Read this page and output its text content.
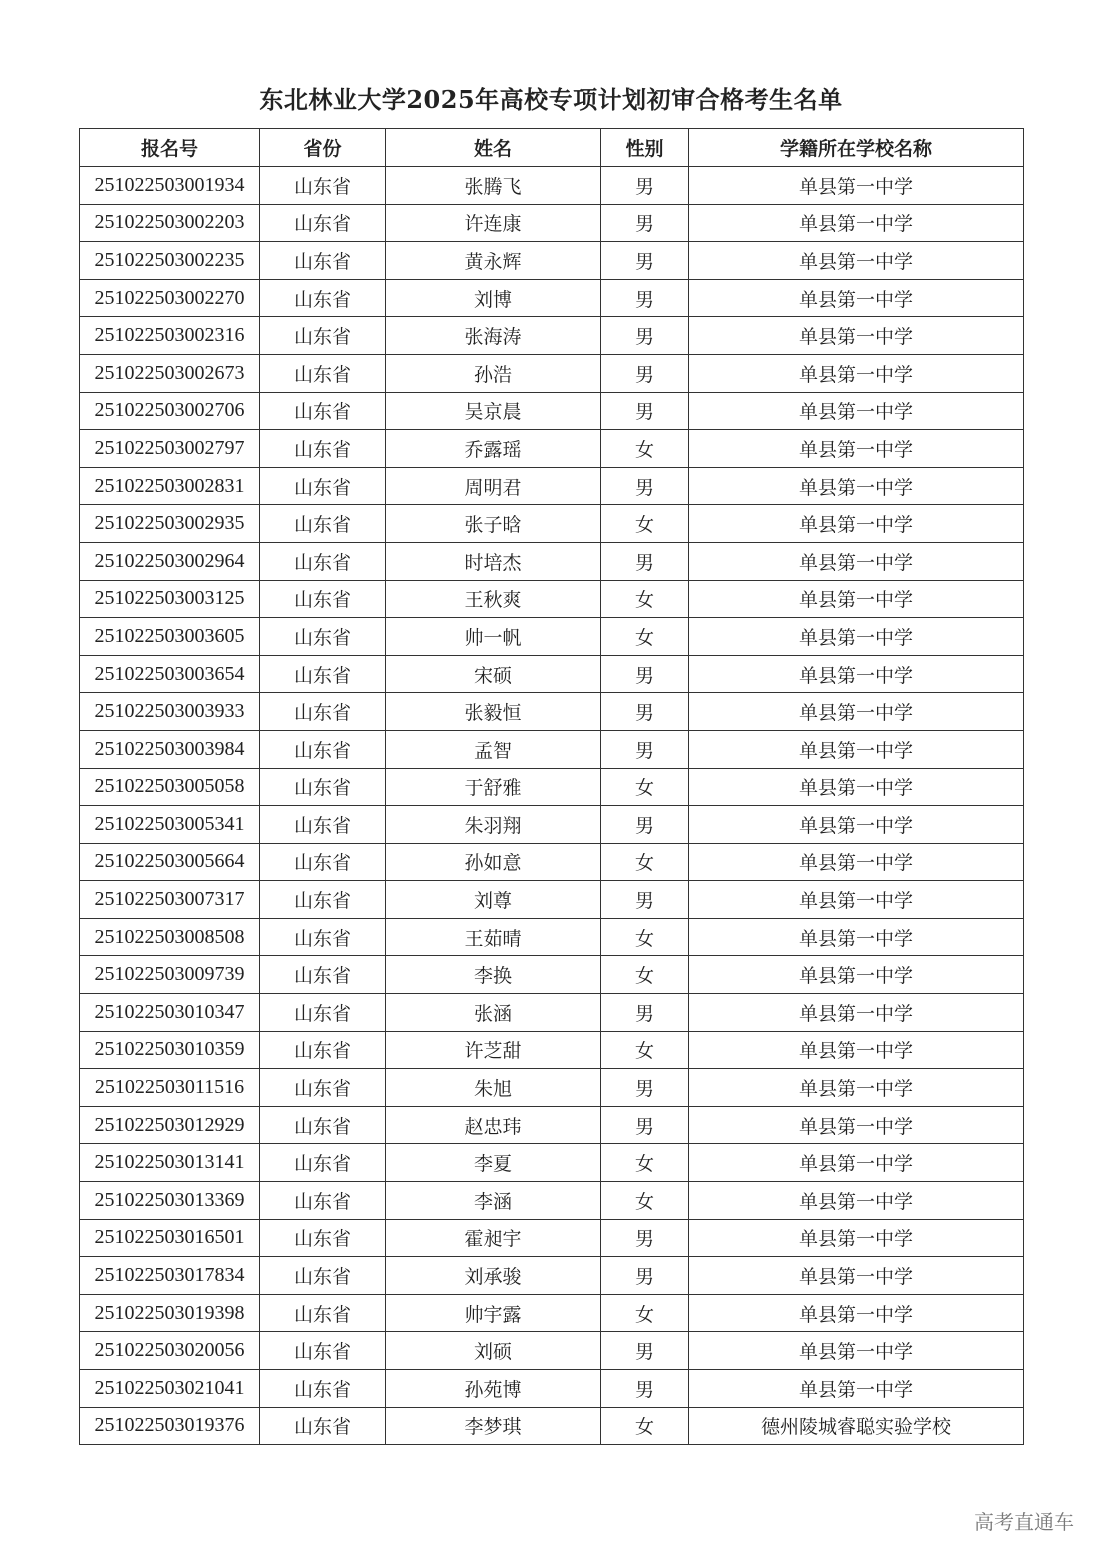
东北林业大学2025年高校专项计划初审合格考生名单
报名号	省份	姓名	性别	学籍所在学校名称
251022503001934	山东省	张腾飞	男	单县第一中学
251022503002203	山东省	许连康	男	单县第一中学
251022503002235	山东省	黄永辉	男	单县第一中学
251022503002270	山东省	刘博	男	单县第一中学
251022503002316	山东省	张海涛	男	单县第一中学
251022503002673	山东省	孙浩	男	单县第一中学
251022503002706	山东省	吴京晨	男	单县第一中学
251022503002797	山东省	乔露瑶	女	单县第一中学
251022503002831	山东省	周明君	男	单县第一中学
251022503002935	山东省	张子晗	女	单县第一中学
251022503002964	山东省	时培杰	男	单县第一中学
251022503003125	山东省	王秋爽	女	单县第一中学
251022503003605	山东省	帅一帆	女	单县第一中学
251022503003654	山东省	宋硕	男	单县第一中学
251022503003933	山东省	张毅恒	男	单县第一中学
251022503003984	山东省	孟智	男	单县第一中学
251022503005058	山东省	于舒雅	女	单县第一中学
251022503005341	山东省	朱羽翔	男	单县第一中学
251022503005664	山东省	孙如意	女	单县第一中学
251022503007317	山东省	刘尊	男	单县第一中学
251022503008508	山东省	王茹晴	女	单县第一中学
251022503009739	山东省	李换	女	单县第一中学
251022503010347	山东省	张涵	男	单县第一中学
251022503010359	山东省	许芝甜	女	单县第一中学
251022503011516	山东省	朱旭	男	单县第一中学
251022503012929	山东省	赵忠玮	男	单县第一中学
251022503013141	山东省	李夏	女	单县第一中学
251022503013369	山东省	李涵	女	单县第一中学
251022503016501	山东省	霍昶宇	男	单县第一中学
251022503017834	山东省	刘承骏	男	单县第一中学
251022503019398	山东省	帅宇露	女	单县第一中学
251022503020056	山东省	刘硕	男	单县第一中学
251022503021041	山东省	孙苑博	男	单县第一中学
251022503019376	山东省	李梦琪	女	德州陵城睿聪实验学校
高考直通车
